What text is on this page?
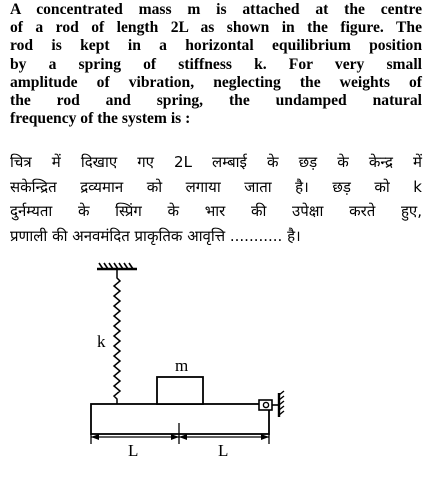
A concentrated mass m is attached at the centre
of a rod of length 2L as shown in the figure. The
rod is kept in a horizontal equilibrium position
by a spring of stiffness k. For very small
amplitude of vibration, neglecting the weights of
the rod and spring, the undamped natural
frequency of the system is :
चित्र में दिखाए गए 2L लम्बाई के छड़ के केन्द्र में
सकेन्द्रित द्रव्यमान को लगाया जाता है। छड़ को k
दुर्नम्यता के स्प्रिंग के भार की उपेक्षा करते हुए,
प्रणाली की अनवमंदित प्राकृतिक आवृत्ति ........... है।
k
m
L	L
